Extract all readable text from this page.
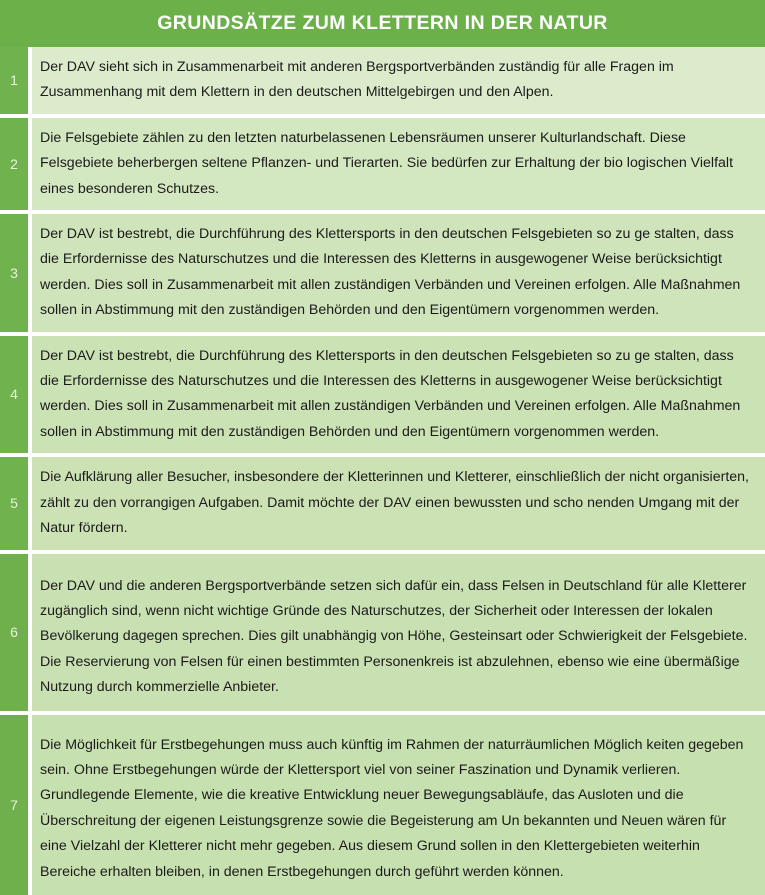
GRUNDSÄTZE ZUM KLETTERN IN DER NATUR
1
Der DAV sieht sich in Zusammenarbeit mit anderen Bergsportverbänden zuständig für alle Fragen im Zusammenhang mit dem Klettern in den deutschen Mittelgebirgen und den Alpen.
2
Die Felsgebiete zählen zu den letzten naturbelassenen Lebensräumen unserer Kulturlandschaft. Diese Felsgebiete beherbergen seltene Pflanzen- und Tierarten. Sie bedürfen zur Erhaltung der bio logischen Vielfalt eines besonderen Schutzes.
3
Der DAV ist bestrebt, die Durchführung des Klettersports in den deutschen Felsgebieten so zu ge stalten, dass die Erfordernisse des Naturschutzes und die Interessen des Kletterns in ausgewogener Weise berücksichtigt werden. Dies soll in Zusammenarbeit mit allen zuständigen Verbänden und Vereinen erfolgen. Alle Maßnahmen sollen in Abstimmung mit den zuständigen Behörden und den Eigentümern vorgenommen werden.
4
Der DAV ist bestrebt, die Durchführung des Klettersports in den deutschen Felsgebieten so zu ge stalten, dass die Erfordernisse des Naturschutzes und die Interessen des Kletterns in ausgewogener Weise berücksichtigt werden. Dies soll in Zusammenarbeit mit allen zuständigen Verbänden und Vereinen erfolgen. Alle Maßnahmen sollen in Abstimmung mit den zuständigen Behörden und den Eigentümern vorgenommen werden.
5
Die Aufklärung aller Besucher, insbesondere der Kletterinnen und Kletterer, einschließlich der nicht organisierten, zählt zu den vorrangigen Aufgaben. Damit möchte der DAV einen bewussten und scho nenden Umgang mit der Natur fördern.
6
Der DAV und die anderen Bergsportverbände setzen sich dafür ein, dass Felsen in Deutschland für alle Kletterer zugänglich sind, wenn nicht wichtige Gründe des Naturschutzes, der Sicherheit oder Interessen der lokalen Bevölkerung dagegen sprechen. Dies gilt unabhängig von Höhe, Gesteinsart oder Schwierigkeit der Felsgebiete. Die Reservierung von Felsen für einen bestimmten Personenkreis ist abzulehnen, ebenso wie eine übermäßige Nutzung durch kommerzielle Anbieter.
7
Die Möglichkeit für Erstbegehungen muss auch künftig im Rahmen der naturräumlichen Möglich keiten gegeben sein. Ohne Erstbegehungen würde der Klettersport viel von seiner Faszination und Dynamik verlieren. Grundlegende Elemente, wie die kreative Entwicklung neuer Bewegungsabläufe, das Ausloten und die Überschreitung der eigenen Leistungsgrenze sowie die Begeisterung am Un bekannten und Neuen wären für eine Vielzahl der Kletterer nicht mehr gegeben. Aus diesem Grund sollen in den Klettergebieten weiterhin Bereiche erhalten bleiben, in denen Erstbegehungen durch geführt werden können.
